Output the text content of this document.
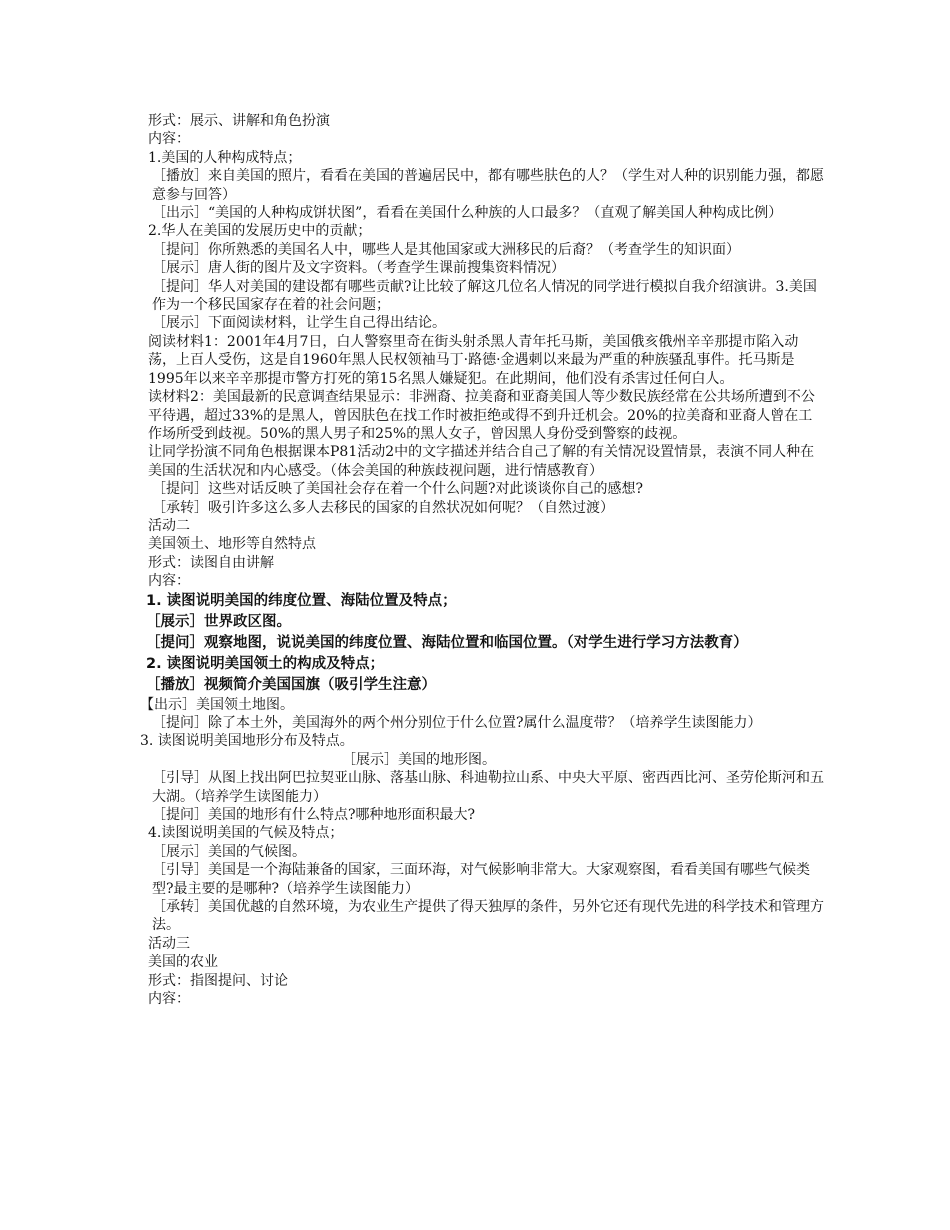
形式：展示、讲解和角色扮演
内容：
1.美国的人种构成特点；
［播放］来自美国的照片，看看在美国的普遍居民中，都有哪些肤色的人？（学生对人种的识别能力强，都愿意参与回答）
［出示］“美国的人种构成饼状图”，看看在美国什么种族的人口最多？（直观了解美国人种构成比例）
2.华人在美国的发展历史中的贡献；
［提问］你所熟悉的美国名人中，哪些人是其他国家或大洲移民的后裔？（考查学生的知识面）
［展示］唐人街的图片及文字资料。（考查学生课前搜集资料情况）
［提问］华人对美国的建设都有哪些贡献?让比较了解这几位名人情况的同学进行模拟自我介绍演讲。3.美国作为一个移民国家存在着的社会问题；
［展示］下面阅读材料，让学生自己得出结论。
阅读材料1：2001年4月7日，白人警察里奇在街头射杀黑人青年托马斯，美国俄亥俄州辛辛那提市陷入动荡，上百人受伤，这是自1960年黑人民权领袖马丁·路德·金遇刺以来最为严重的种族骚乱事件。托马斯是1995年以来辛辛那提市警方打死的第15名黑人嫌疑犯。在此期间，他们没有杀害过任何白人。
读材料2：美国最新的民意调查结果显示：非洲裔、拉美裔和亚裔美国人等少数民族经常在公共场所遭到不公平待遇，超过33%的是黑人，曾因肤色在找工作时被拒绝或得不到升迁机会。20%的拉美裔和亚裔人曾在工作场所受到歧视。50%的黑人男子和25%的黑人女子，曾因黑人身份受到警察的歧视。
让同学扮演不同角色根据课本P81活动2中的文字描述并结合自己了解的有关情况设置情景，表演不同人种在美国的生活状况和内心感受。（体会美国的种族歧视问题，进行情感教育）
［提问］这些对话反映了美国社会存在着一个什么问题?对此谈谈你自己的感想?
［承转］吸引许多这么多人去移民的国家的自然状况如何呢？（自然过渡）
活动二
美国领土、地形等自然特点
形式：读图自由讲解
内容：
1. 读图说明美国的纬度位置、海陆位置及特点；
［展示］世界政区图。
［提问］观察地图，说说美国的纬度位置、海陆位置和临国位置。（对学生进行学习方法教育）
2. 读图说明美国领土的构成及特点；
［播放］视频简介美国国旗（吸引学生注意）
【出示］美国领土地图。
［提问］除了本土外，美国海外的两个州分别位于什么位置?属什么温度带？（培养学生读图能力）
3. 读图说明美国地形分布及特点。
［展示］美国的地形图。
［引导］从图上找出阿巴拉契亚山脉、落基山脉、科迪勒拉山系、中央大平原、密西西比河、圣劳伦斯河和五大湖。（培养学生读图能力）
［提问］美国的地形有什么特点?哪种地形面积最大?
4.读图说明美国的气候及特点；
［展示］美国的气候图。
［引导］美国是一个海陆兼备的国家，三面环海，对气候影响非常大。大家观察图，看看美国有哪些气候类型?最主要的是哪种?（培养学生读图能力）
［承转］美国优越的自然环境，为农业生产提供了得天独厚的条件，另外它还有现代先进的科学技术和管理方法。
活动三
美国的农业
形式：指图提问、讨论
内容：
